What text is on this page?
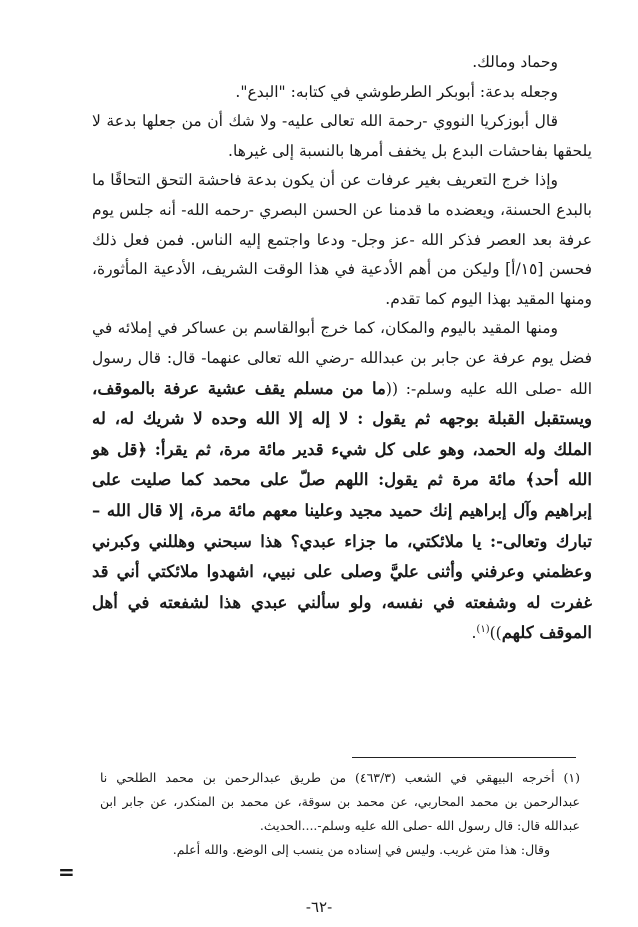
وحماد ومالك.

وجعله بدعة: أبوبكر الطرطوشي في كتابه: "البدع".

قال أبوزكريا النووي -رحمة الله تعالى عليه- ولا شك أن من جعلها بدعة لا يلحقها بفاحشات البدع بل يخفف أمرها بالنسبة إلى غيرها.

وإذا خرج التعريف بغير عرفات عن أن يكون بدعة فاحشة التحق التحاقًا ما بالبدع الحسنة، ويعضده ما قدمنا عن الحسن البصري -رحمه الله- أنه جلس يوم عرفة بعد العصر فذكر الله -عز وجل- ودعا واجتمع إليه الناس. فمن فعل ذلك فحسن [١٥/أ] وليكن من أهم الأدعية في هذا الوقت الشريف، الأدعية المأثورة، ومنها المقيد بهذا اليوم كما تقدم.

ومنها المقيد باليوم والمكان، كما خرج أبوالقاسم بن عساكر في إملائه في فضل يوم عرفة عن جابر بن عبدالله -رضي الله تعالى عنهما- قال: قال رسول الله -صلى الله عليه وسلم-: ((ما من مسلم يقف عشية عرفة بالموقف، ويستقبل القبلة بوجهه ثم يقول : لا إله إلا الله وحده لا شريك له، له الملك وله الحمد، وهو على كل شيء قدير مائة مرة، ثم يقرأ: ﴿قل هو الله أحد﴾ مائة مرة ثم يقول: اللهم صلّ على محمد كما صليت على إبراهيم وآل إبراهيم إنك حميد مجيد وعلينا معهم مائة مرة، إلا قال الله – تبارك وتعالى-: يا ملائكتي، ما جزاء عبدي؟ هذا سبحني وهللني وكبرني وعظمني وعرفني وأثنى عليَّ وصلى على نبيي، اشهدوا ملائكتي أني قد غفرت له وشفعته في نفسه، ولو سألني عبدي هذا لشفعته في أهل الموقف كلهم))$^{(١)}$.

(١) أخرجه البيهقي في الشعب (٤٦٣/٣) من طريق عبدالرحمن بن محمد الطلحي نا عبدالرحمن بن محمد المحاربي، عن محمد بن سوقة، عن محمد بن المنكدر، عن جابر ابن عبدالله قال: قال رسول الله -صلى الله عليه وسلم-....الحديث.

وقال: هذا متن غريب. وليس في إسناده من ينسب إلى الوضع. والله أعلم.

=
-٦٢-
